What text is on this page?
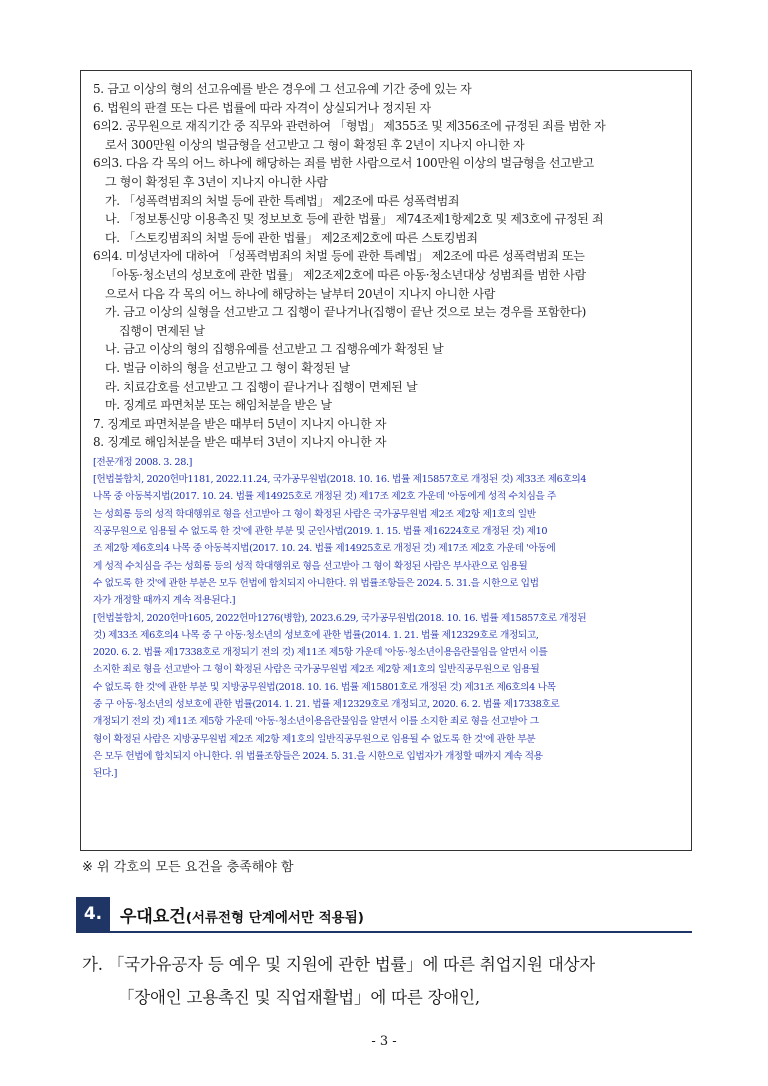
5. 금고 이상의 형의 선고유예를 받은 경우에 그 선고유예 기간 중에 있는 자
6. 법원의 판결 또는 다른 법률에 따라 자격이 상실되거나 정지된 자
6의2. 공무원으로 재직기간 중 직무와 관련하여 「형법」 제355조 및 제356조에 규정된 죄를 범한 자
로서 300만원 이상의 벌금형을 선고받고 그 형이 확정된 후 2년이 지나지 아니한 자
6의3. 다음 각 목의 어느 하나에 해당하는 죄를 범한 사람으로서 100만원 이상의 벌금형을 선고받고
그 형이 확정된 후 3년이 지나지 아니한 사람
가. 「성폭력범죄의 처벌 등에 관한 특례법」 제2조에 따른 성폭력범죄
나. 「정보통신망 이용촉진 및 정보보호 등에 관한 법률」 제74조제1항제2호 및 제3호에 규정된 죄
다. 「스토킹범죄의 처벌 등에 관한 법률」 제2조제2호에 따른 스토킹범죄
6의4. 미성년자에 대하여 「성폭력범죄의 처벌 등에 관한 특례법」 제2조에 따른 성폭력범죄 또는
「아동·청소년의 성보호에 관한 법률」 제2조제2호에 따른 아동·청소년대상 성범죄를 범한 사람
으로서 다음 각 목의 어느 하나에 해당하는 날부터 20년이 지나지 아니한 사람
가. 금고 이상의 실형을 선고받고 그 집행이 끝나거나(집행이 끝난 것으로 보는 경우를 포함한다)
집행이 면제된 날
나. 금고 이상의 형의 집행유예를 선고받고 그 집행유예가 확정된 날
다. 벌금 이하의 형을 선고받고 그 형이 확정된 날
라. 치료감호를 선고받고 그 집행이 끝나거나 집행이 면제된 날
마. 징계로 파면처분 또는 해임처분을 받은 날
7. 징계로 파면처분을 받은 때부터 5년이 지나지 아니한 자
8. 징계로 해임처분을 받은 때부터 3년이 지나지 아니한 자
[전문개정 2008. 3. 28.]
[헌법불합치, 2020헌마1181, 2022.11.24, 국가공무원법(2018. 10. 16. 법률 제15857호로 개정된 것) 제33조 제6호의4
나목 중 아동복지법(2017. 10. 24. 법률 제14925호로 개정된 것) 제17조 제2호 가운데 '아동에게 성적 수치심을 주
는 성희롱 등의 성적 학대행위로 형을 선고받아 그 형이 확정된 사람은 국가공무원법 제2조 제2항 제1호의 일반
직공무원으로 임용될 수 없도록 한 것'에 관한 부분 및 군인사법(2019. 1. 15. 법률 제16224호로 개정된 것) 제10
조 제2항 제6호의4 나목 중 아동복지법(2017. 10. 24. 법률 제14925호로 개정된 것) 제17조 제2호 가운데 '아동에
게 성적 수치심을 주는 성희롱 등의 성적 학대행위로 형을 선고받아 그 형이 확정된 사람은 부사관으로 임용될
수 없도록 한 것'에 관한 부분은 모두 헌법에 합치되지 아니한다. 위 법률조항들은 2024. 5. 31.을 시한으로 입법
자가 개정할 때까지 계속 적용된다.]
[헌법불합치, 2020헌마1605, 2022헌마1276(병합), 2023.6.29, 국가공무원법(2018. 10. 16. 법률 제15857호로 개정된
것) 제33조 제6호의4 나목 중 구 아동·청소년의 성보호에 관한 법률(2014. 1. 21. 법률 제12329호로 개정되고,
2020. 6. 2. 법률 제17338호로 개정되기 전의 것) 제11조 제5항 가운데 '아동·청소년이용음란물임을 알면서 이를
소지한 죄로 형을 선고받아 그 형이 확정된 사람은 국가공무원법 제2조 제2항 제1호의 일반직공무원으로 임용될
수 없도록 한 것'에 관한 부분 및 지방공무원법(2018. 10. 16. 법률 제15801호로 개정된 것) 제31조 제6호의4 나목
중 구 아동·청소년의 성보호에 관한 법률(2014. 1. 21. 법률 제12329호로 개정되고, 2020. 6. 2. 법률 제17338호로
개정되기 전의 것) 제11조 제5항 가운데 '아동·청소년이용음란물임을 알면서 이를 소지한 죄로 형을 선고받아 그
형이 확정된 사람은 지방공무원법 제2조 제2항 제1호의 일반직공무원으로 임용될 수 없도록 한 것'에 관한 부분
은 모두 헌법에 합치되지 아니한다. 위 법률조항들은 2024. 5. 31.을 시한으로 입법자가 개정할 때까지 계속 적용
된다.]
※ 위 각호의 모든 요건을 충족해야 함
4.	우대요건(서류전형 단계에서만 적용됨)
가. 「국가유공자 등 예우 및 지원에 관한 법률」에 따른 취업지원 대상자
「장애인 고용촉진 및 직업재활법」에 따른 장애인,
- 3 -
